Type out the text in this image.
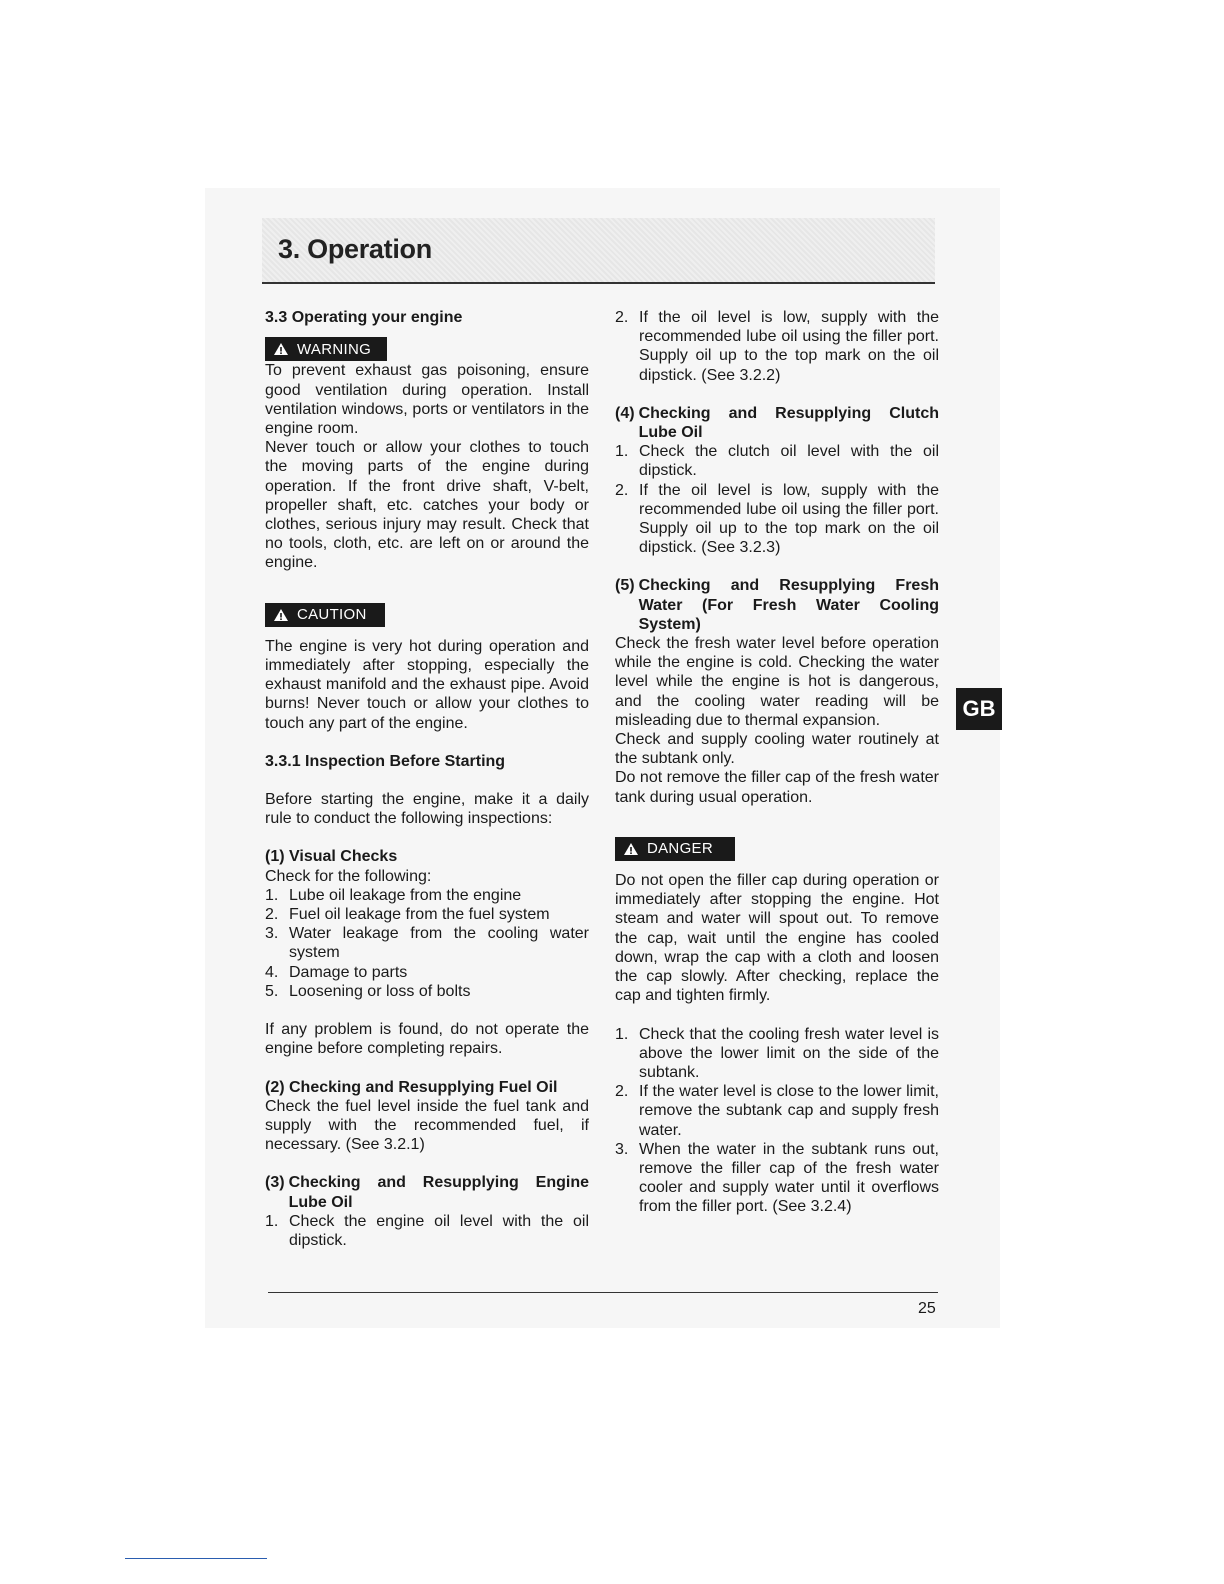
3. Operation

3.3 Operating your engine

WARNING

To prevent exhaust gas poisoning, ensure good ventilation during operation. Install ventilation windows, ports or ventilators in the engine room.

Never touch or allow your clothes to touch the moving parts of the engine during operation. If the front drive shaft, V-belt, propeller shaft, etc. catches your body or clothes, serious injury may result. Check that no tools, cloth, etc. are left on or around the engine.

CAUTION

The engine is very hot during operation and immediately after stopping, especially the exhaust manifold and the exhaust pipe. Avoid burns! Never touch or allow your clothes to touch any part of the engine.

3.3.1 Inspection Before Starting

Before starting the engine, make it a daily rule to conduct the following inspections:

(1) Visual Checks

Check for the following:

1. Lube oil leakage from the engine
2. Fuel oil leakage from the fuel system
3. Water leakage from the cooling water system
4. Damage to parts
5. Loosening or loss of bolts

If any problem is found, do not operate the engine before completing repairs.

(2) Checking and Resupplying Fuel Oil

Check the fuel level inside the fuel tank and supply with the recommended fuel, if necessary. (See 3.2.1)

(3) Checking and Resupplying Engine Lube Oil
1. Check the engine oil level with the oil dipstick.
2. If the oil level is low, supply with the recommended lube oil using the filler port. Supply oil up to the top mark on the oil dipstick. (See 3.2.2)
(4) Checking and Resupplying Clutch Lube Oil
1. Check the clutch oil level with the oil dipstick.
2. If the oil level is low, supply with the recommended lube oil using the filler port. Supply oil up to the top mark on the oil dipstick. (See 3.2.3)
(5) Checking and Resupplying Fresh Water (For Fresh Water Cooling System)

Check the fresh water level before operation while the engine is cold. Checking the water level while the engine is hot is dangerous, and the cooling water reading will be misleading due to thermal expansion.

Check and supply cooling water routinely at the subtank only.

Do not remove the filler cap of the fresh water tank during usual operation.

DANGER

Do not open the filler cap during operation or immediately after stopping the engine. Hot steam and water will spout out. To remove the cap, wait until the engine has cooled down, wrap the cap with a cloth and loosen the cap slowly. After checking, replace the cap and tighten firmly.

1. Check that the cooling fresh water level is above the lower limit on the side of the subtank.
2. If the water level is close to the lower limit, remove the subtank cap and supply fresh water.
3. When the water in the subtank runs out, remove the filler cap of the fresh water cooler and supply water until it overflows from the filler port. (See 3.2.4)
GB
25
